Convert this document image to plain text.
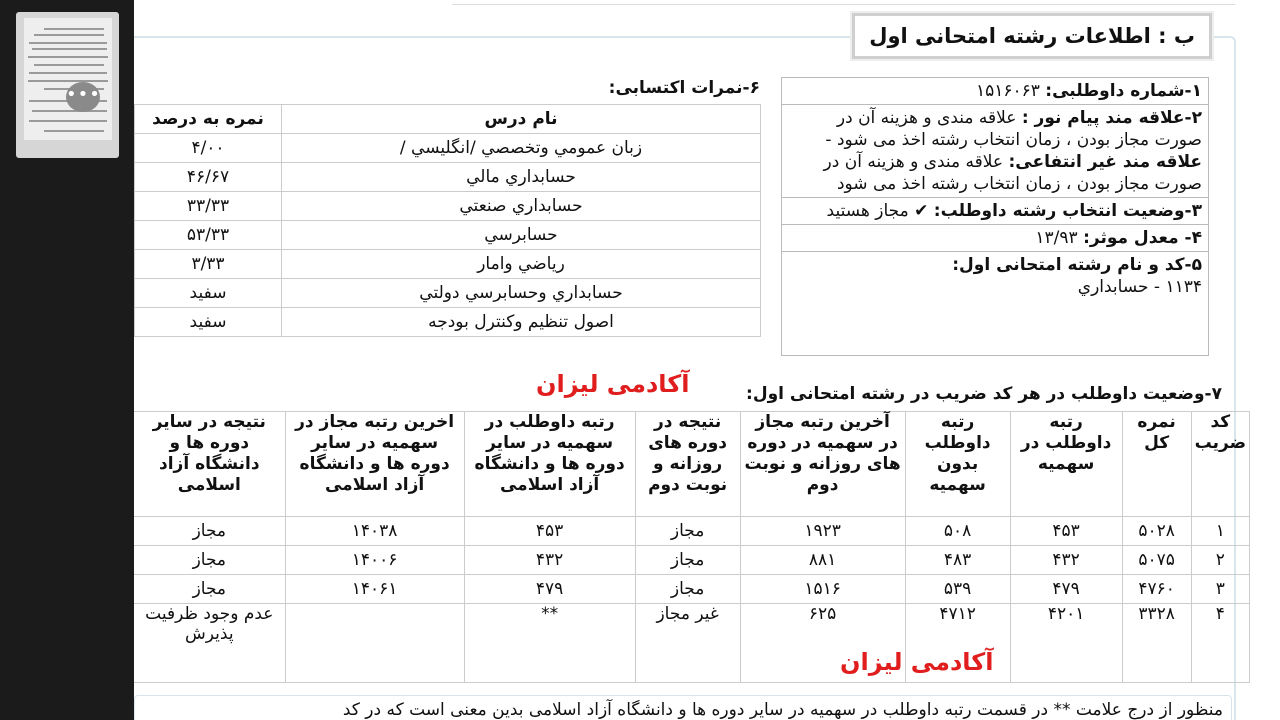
•••
ب : اطلاعات رشته امتحانی اول
۱-شماره داوطلبی: ۱۵۱۶۰۶۳
۲-علاقه مند پیام نور : علاقه مندی و هزینه آن در صورت مجاز بودن ، زمان انتخاب رشته اخذ می شود - علاقه مند غیر انتفاعی: علاقه مندی و هزینه آن در صورت مجاز بودن ، زمان انتخاب رشته اخذ می شود
۳-وضعیت انتخاب رشته داوطلب: ✔ مجاز هستید
۴- معدل موثر: ۱۳/۹۳
۵-کد و نام رشته امتحانی اول:
۱۱۳۴ - حسابداري
۶-نمرات اکتسابی:
نام درس	نمره به درصد
زبان عمومي وتخصصي /انگليسي /	۴/۰۰
حسابداري مالي	۴۶/۶۷
حسابداري صنعتي	۳۳/۳۳
حسابرسي	۵۳/۳۳
رياضي وامار	۳/۳۳
حسابداري وحسابرسي دولتي	سفيد
اصول تنظيم وكنترل بودجه	سفيد
آکادمی لیزان	۷-وضعیت داوطلب در هر کد ضریب در رشته امتحانی اول:
کد ضریب	نمره کل	رتبه داوطلب در سهمیه	رتبه داوطلب بدون سهمیه	آخرین رتبه مجاز در سهمیه در دوره های روزانه و نوبت دوم	نتیجه در دوره های روزانه و نوبت دوم	رتبه داوطلب در سهمیه در سایر دوره ها و دانشگاه آزاد اسلامی	اخرین رتبه مجاز در سهمیه در سایر دوره ها و دانشگاه آزاد اسلامی	نتیجه در سایر دوره ها و دانشگاه آزاد اسلامی
۱	۵۰۲۸	۴۵۳	۵۰۸	۱۹۲۳	مجاز	۴۵۳	۱۴۰۳۸	مجاز
۲	۵۰۷۵	۴۳۲	۴۸۳	۸۸۱	مجاز	۴۳۲	۱۴۰۰۶	مجاز
۳	۴۷۶۰	۴۷۹	۵۳۹	۱۵۱۶	مجاز	۴۷۹	۱۴۰۶۱	مجاز
۴	۳۳۲۸	۴۲۰۱	۴۷۱۲	۶۲۵	غیر مجاز	**		عدم وجود ظرفیت پذیرش
آکادمی لیزان
منظور از درج علامت ** در قسمت رتبه داوطلب در سهمیه در سایر دوره ها و دانشگاه آزاد اسلامی بدین معنی است که در کد
